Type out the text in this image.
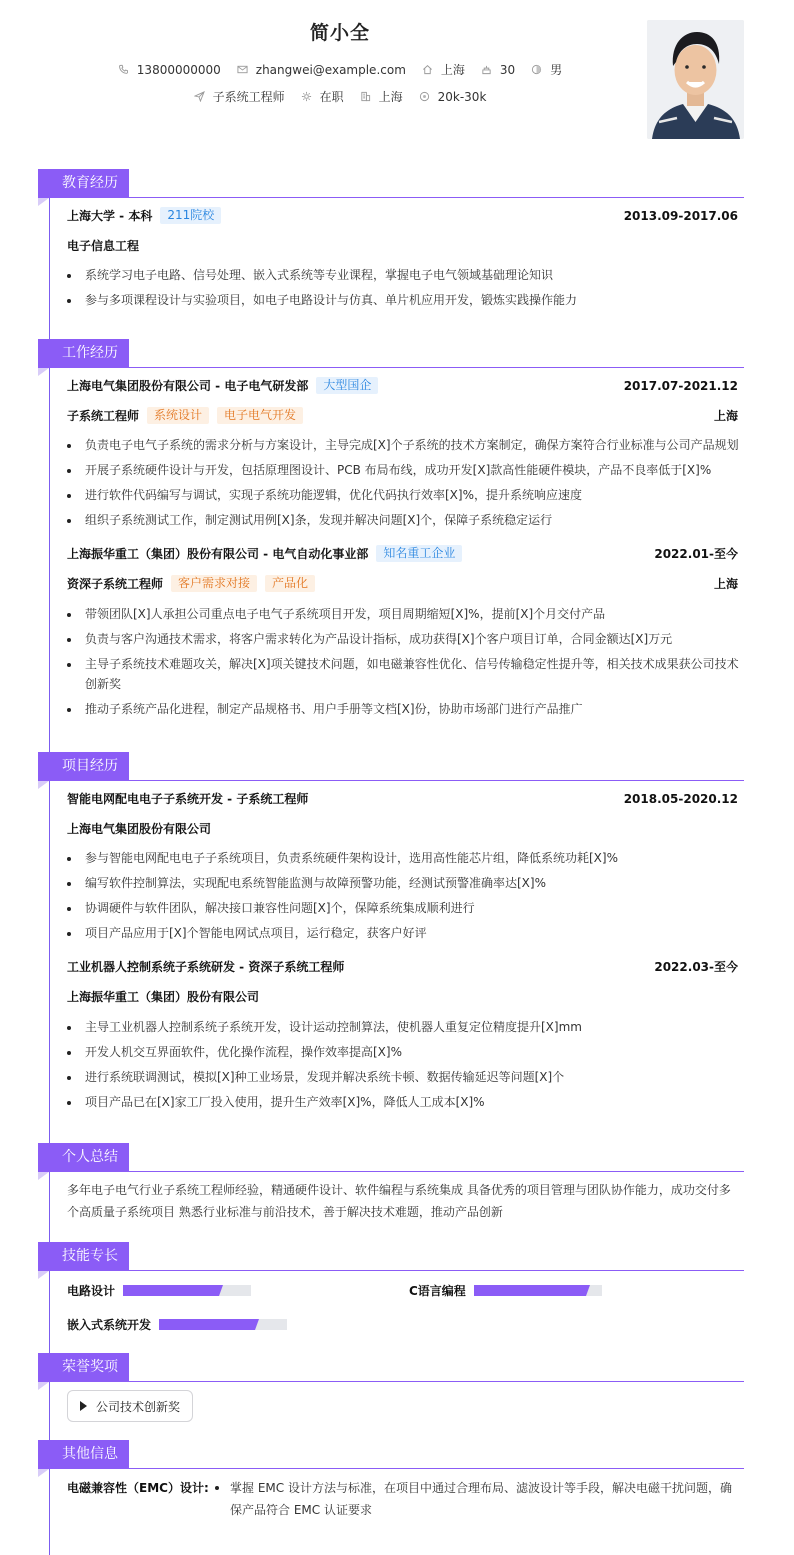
简小全
13800000000	zhangwei@example.com	上海	30	男
子系统工程师	在职	上海	20k-30k
教育经历
上海大学 - 本科	211院校	2013.09-2017.06
电子信息工程
系统学习电子电路、信号处理、嵌入式系统等专业课程，掌握电子电气领域基础理论知识
参与多项课程设计与实验项目，如电子电路设计与仿真、单片机应用开发，锻炼实践操作能力
工作经历
上海电气集团股份有限公司 - 电子电气研发部	大型国企	2017.07-2021.12
子系统工程师	系统设计	电子电气开发	上海
负责电子电气子系统的需求分析与方案设计，主导完成[X]个子系统的技术方案制定，确保方案符合行业标准与公司产品规划
开展子系统硬件设计与开发，包括原理图设计、PCB 布局布线，成功开发[X]款高性能硬件模块，产品不良率低于[X]%
进行软件代码编写与调试，实现子系统功能逻辑，优化代码执行效率[X]%，提升系统响应速度
组织子系统测试工作，制定测试用例[X]条，发现并解决问题[X]个，保障子系统稳定运行
上海振华重工（集团）股份有限公司 - 电气自动化事业部	知名重工企业	2022.01-至今
资深子系统工程师	客户需求对接	产品化	上海
带领团队[X]人承担公司重点电子电气子系统项目开发，项目周期缩短[X]%，提前[X]个月交付产品
负责与客户沟通技术需求，将客户需求转化为产品设计指标，成功获得[X]个客户项目订单，合同金额达[X]万元
主导子系统技术难题攻关，解决[X]项关键技术问题，如电磁兼容性优化、信号传输稳定性提升等，相关技术成果获公司技术创新奖
推动子系统产品化进程，制定产品规格书、用户手册等文档[X]份，协助市场部门进行产品推广
项目经历
智能电网配电电子子系统开发 - 子系统工程师	2018.05-2020.12
上海电气集团股份有限公司
参与智能电网配电电子子系统项目，负责系统硬件架构设计，选用高性能芯片组，降低系统功耗[X]%
编写软件控制算法，实现配电系统智能监测与故障预警功能，经测试预警准确率达[X]%
协调硬件与软件团队，解决接口兼容性问题[X]个，保障系统集成顺利进行
项目产品应用于[X]个智能电网试点项目，运行稳定，获客户好评
工业机器人控制系统子系统研发 - 资深子系统工程师	2022.03-至今
上海振华重工（集团）股份有限公司
主导工业机器人控制系统子系统开发，设计运动控制算法，使机器人重复定位精度提升[X]mm
开发人机交互界面软件，优化操作流程，操作效率提高[X]%
进行系统联调测试，模拟[X]种工业场景，发现并解决系统卡顿、数据传输延迟等问题[X]个
项目产品已在[X]家工厂投入使用，提升生产效率[X]%，降低人工成本[X]%
个人总结
多年电子电气行业子系统工程师经验，精通硬件设计、软件编程与系统集成 具备优秀的项目管理与团队协作能力，成功交付多个高质量子系统项目 熟悉行业标准与前沿技术，善于解决技术难题，推动产品创新
技能专长
电路设计	C语言编程
嵌入式系统开发
荣誉奖项
公司技术创新奖
其他信息
电磁兼容性（EMC）设计:	掌握 EMC 设计方法与标准，在项目中通过合理布局、滤波设计等手段，解决电磁干扰问题，确保产品符合 EMC 认证要求
